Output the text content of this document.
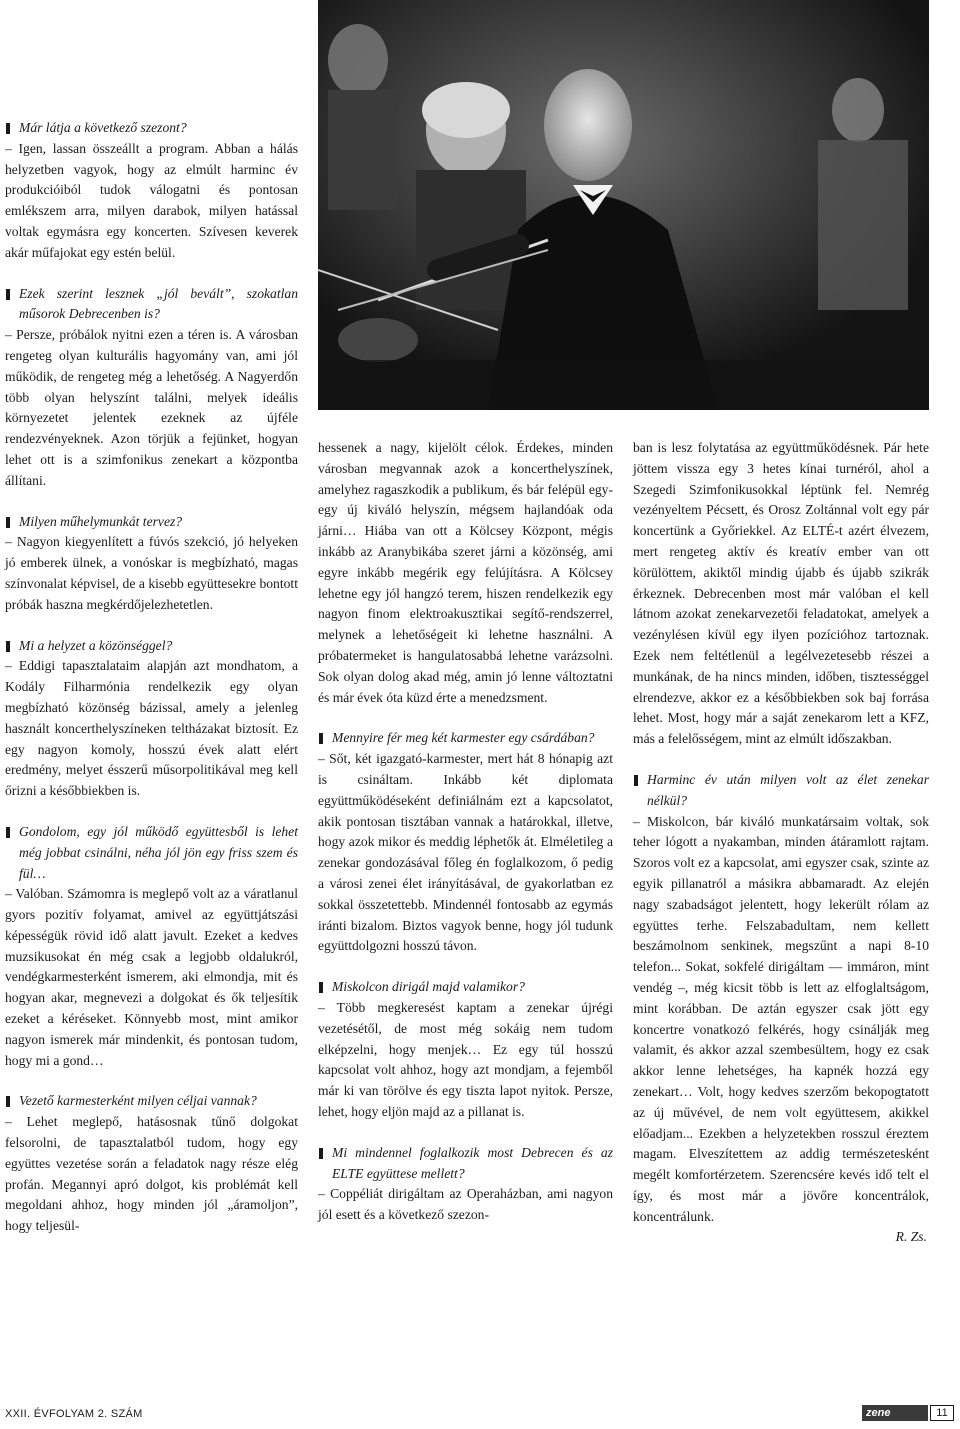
Már látja a következő szezont?

– Igen, lassan összeállt a program. Abban a hálás helyzetben vagyok, hogy az elmúlt harminc év produkcióiból tudok válogatni és pontosan emlékszem arra, milyen darabok, milyen hatással voltak egymásra egy koncerten. Szívesen keverek akár műfajokat egy estén belül.

Ezek szerint lesznek „jól bevált”, szokatlan műsorok Debrecenben is?

– Persze, próbálok nyitni ezen a téren is. A városban rengeteg olyan kulturális hagyomány van, ami jól működik, de rengeteg még a lehetőség. A Nagyerdőn több olyan helyszínt találni, melyek ideális környezetet jelentek ezeknek az újféle rendezvényeknek. Azon törjük a fejünket, hogyan lehet ott is a szimfonikus zenekart a központba állítani.

Milyen műhelymunkát tervez?

– Nagyon kiegyenlített a fúvós szekció, jó helyeken jó emberek ülnek, a vonóskar is megbízható, magas színvonalat képvisel, de a kisebb együttesekre bontott próbák haszna megkérdőjelezhetetlen.

Mi a helyzet a közönséggel?

– Eddigi tapasztalataim alapján azt mondhatom, a Kodály Filharmónia rendelkezik egy olyan megbízható közönség bázissal, amely a jelenleg használt koncerthelyszíneken teltházakat biztosít. Ez egy nagyon komoly, hosszú évek alatt elért eredmény, melyet ésszerű műsorpolitikával meg kell őrizni a későbbiekben is.

Gondolom, egy jól működő együttesből is lehet még jobbat csinálni, néha jól jön egy friss szem és fül…

– Valóban. Számomra is meglepő volt az a váratlanul gyors pozitív folyamat, amivel az együttjátszási képességük rövid idő alatt javult. Ezeket a kedves muzsikusokat én még csak a legjobb oldalukról, vendégkarmesterként ismerem, aki elmondja, mit és hogyan akar, megnevezi a dolgokat és ők teljesítik ezeket a kéréseket. Könnyebb most, mint amikor nagyon ismerek már mindenkit, és pontosan tudom, hogy mi a gond…

Vezető karmesterként milyen céljai vannak?

– Lehet meglepő, hatásosnak tűnő dolgokat felsorolni, de tapasztalatból tudom, hogy egy együttes vezetése során a feladatok nagy része elég profán. Megannyi apró dolgot, kis problémát kell megoldani ahhoz, hogy minden jól „áramoljon”, hogy teljesül-

hessenek a nagy, kijelölt célok. Érdekes, minden városban megvannak azok a koncerthelyszínek, amelyhez ragaszkodik a publikum, és bár felépül egy-egy új kiváló helyszín, mégsem hajlandóak oda járni… Hiába van ott a Kölcsey Központ, mégis inkább az Aranybikába szeret járni a közönség, ami egyre inkább megérik egy felújításra. A Kölcsey lehetne egy jól hangzó terem, hiszen rendelkezik egy nagyon finom elektroakusztikai segítő-rendszerrel, melynek a lehetőségeit ki lehetne használni. A próbatermeket is hangulatosabbá lehetne varázsolni. Sok olyan dolog akad még, amin jó lenne változtatni és már évek óta küzd érte a menedzsment.

Mennyire fér meg két karmester egy csárdában?

– Sőt, két igazgató-karmester, mert hát 8 hónapig azt is csináltam. Inkább két diplomata együttműködéseként definiálnám ezt a kapcsolatot, akik pontosan tisztában vannak a határokkal, illetve, hogy azok mikor és meddig léphetők át. Elméletileg a zenekar gondozásával főleg én foglalkozom, ő pedig a városi zenei élet irányításával, de gyakorlatban ez sokkal összetettebb. Mindennél fontosabb az egymás iránti bizalom. Biztos vagyok benne, hogy jól tudunk együttdolgozni hosszú távon.

Miskolcon dirigál majd valamikor?

– Több megkeresést kaptam a zenekar újrégi vezetésétől, de most még sokáig nem tudom elképzelni, hogy menjek… Ez egy túl hosszú kapcsolat volt ahhoz, hogy azt mondjam, a fejemből már ki van törölve és egy tiszta lapot nyitok. Persze, lehet, hogy eljön majd az a pillanat is.

Mi mindennel foglalkozik most Debrecen és az ELTE együttese mellett?

– Coppéliát dirigáltam az Operaházban, ami nagyon jól esett és a következő szezon-

ban is lesz folytatása az együttműködésnek. Pár hete jöttem vissza egy 3 hetes kínai turnéról, ahol a Szegedi Szimfonikusokkal léptünk fel. Nemrég vezényeltem Pécsett, és Orosz Zoltánnal volt egy pár koncertünk a Győriekkel. Az ELTÉ-t azért élvezem, mert rengeteg aktív és kreatív ember van ott körülöttem, akiktől mindig újabb és újabb szikrák érkeznek. Debrecenben most már valóban el kell látnom azokat zenekarvezetői feladatokat, amelyek a vezénylésen kívül egy ilyen pozícióhoz tartoznak. Ezek nem feltétlenül a legélvezetesebb részei a munkának, de ha nincs minden, időben, tisztességgel elrendezve, akkor ez a későbbiekben sok baj forrása lehet. Most, hogy már a saját zenekarom lett a KFZ, más a felelősségem, mint az elmúlt időszakban.

Harminc év után milyen volt az élet zenekar nélkül?

– Miskolcon, bár kiváló munkatársaim voltak, sok teher lógott a nyakamban, minden átáramlott rajtam. Szoros volt ez a kapcsolat, ami egyszer csak, szinte az egyik pillanatról a másikra abbamaradt. Az elején nagy szabadságot jelentett, hogy lekerült rólam az együttes terhe. Felszabadultam, nem kellett beszámolnom senkinek, megszűnt a napi 8-10 telefon... Sokat, sokfelé dirigáltam — immáron, mint vendég –, még kicsit több is lett az elfoglaltságom, mint korábban. De aztán egyszer csak jött egy koncertre vonatkozó felkérés, hogy csinálják meg valamit, és akkor azzal szembesültem, hogy ez csak akkor lenne lehetséges, ha kapnék hozzá egy zenekart… Volt, hogy kedves szerzőm bekopogtatott az új művével, de nem volt együttesem, akikkel előadjam... Ezekben a helyzetekben rosszul éreztem magam. Elveszítettem az addig természetesként megélt komfortérzetem. Szerencsére kevés idő telt el így, és most már a jövőre koncentrálok, koncentrálunk.

R. Zs.

XXII. ÉVFOLYAM 2. SZÁM	zene	11
